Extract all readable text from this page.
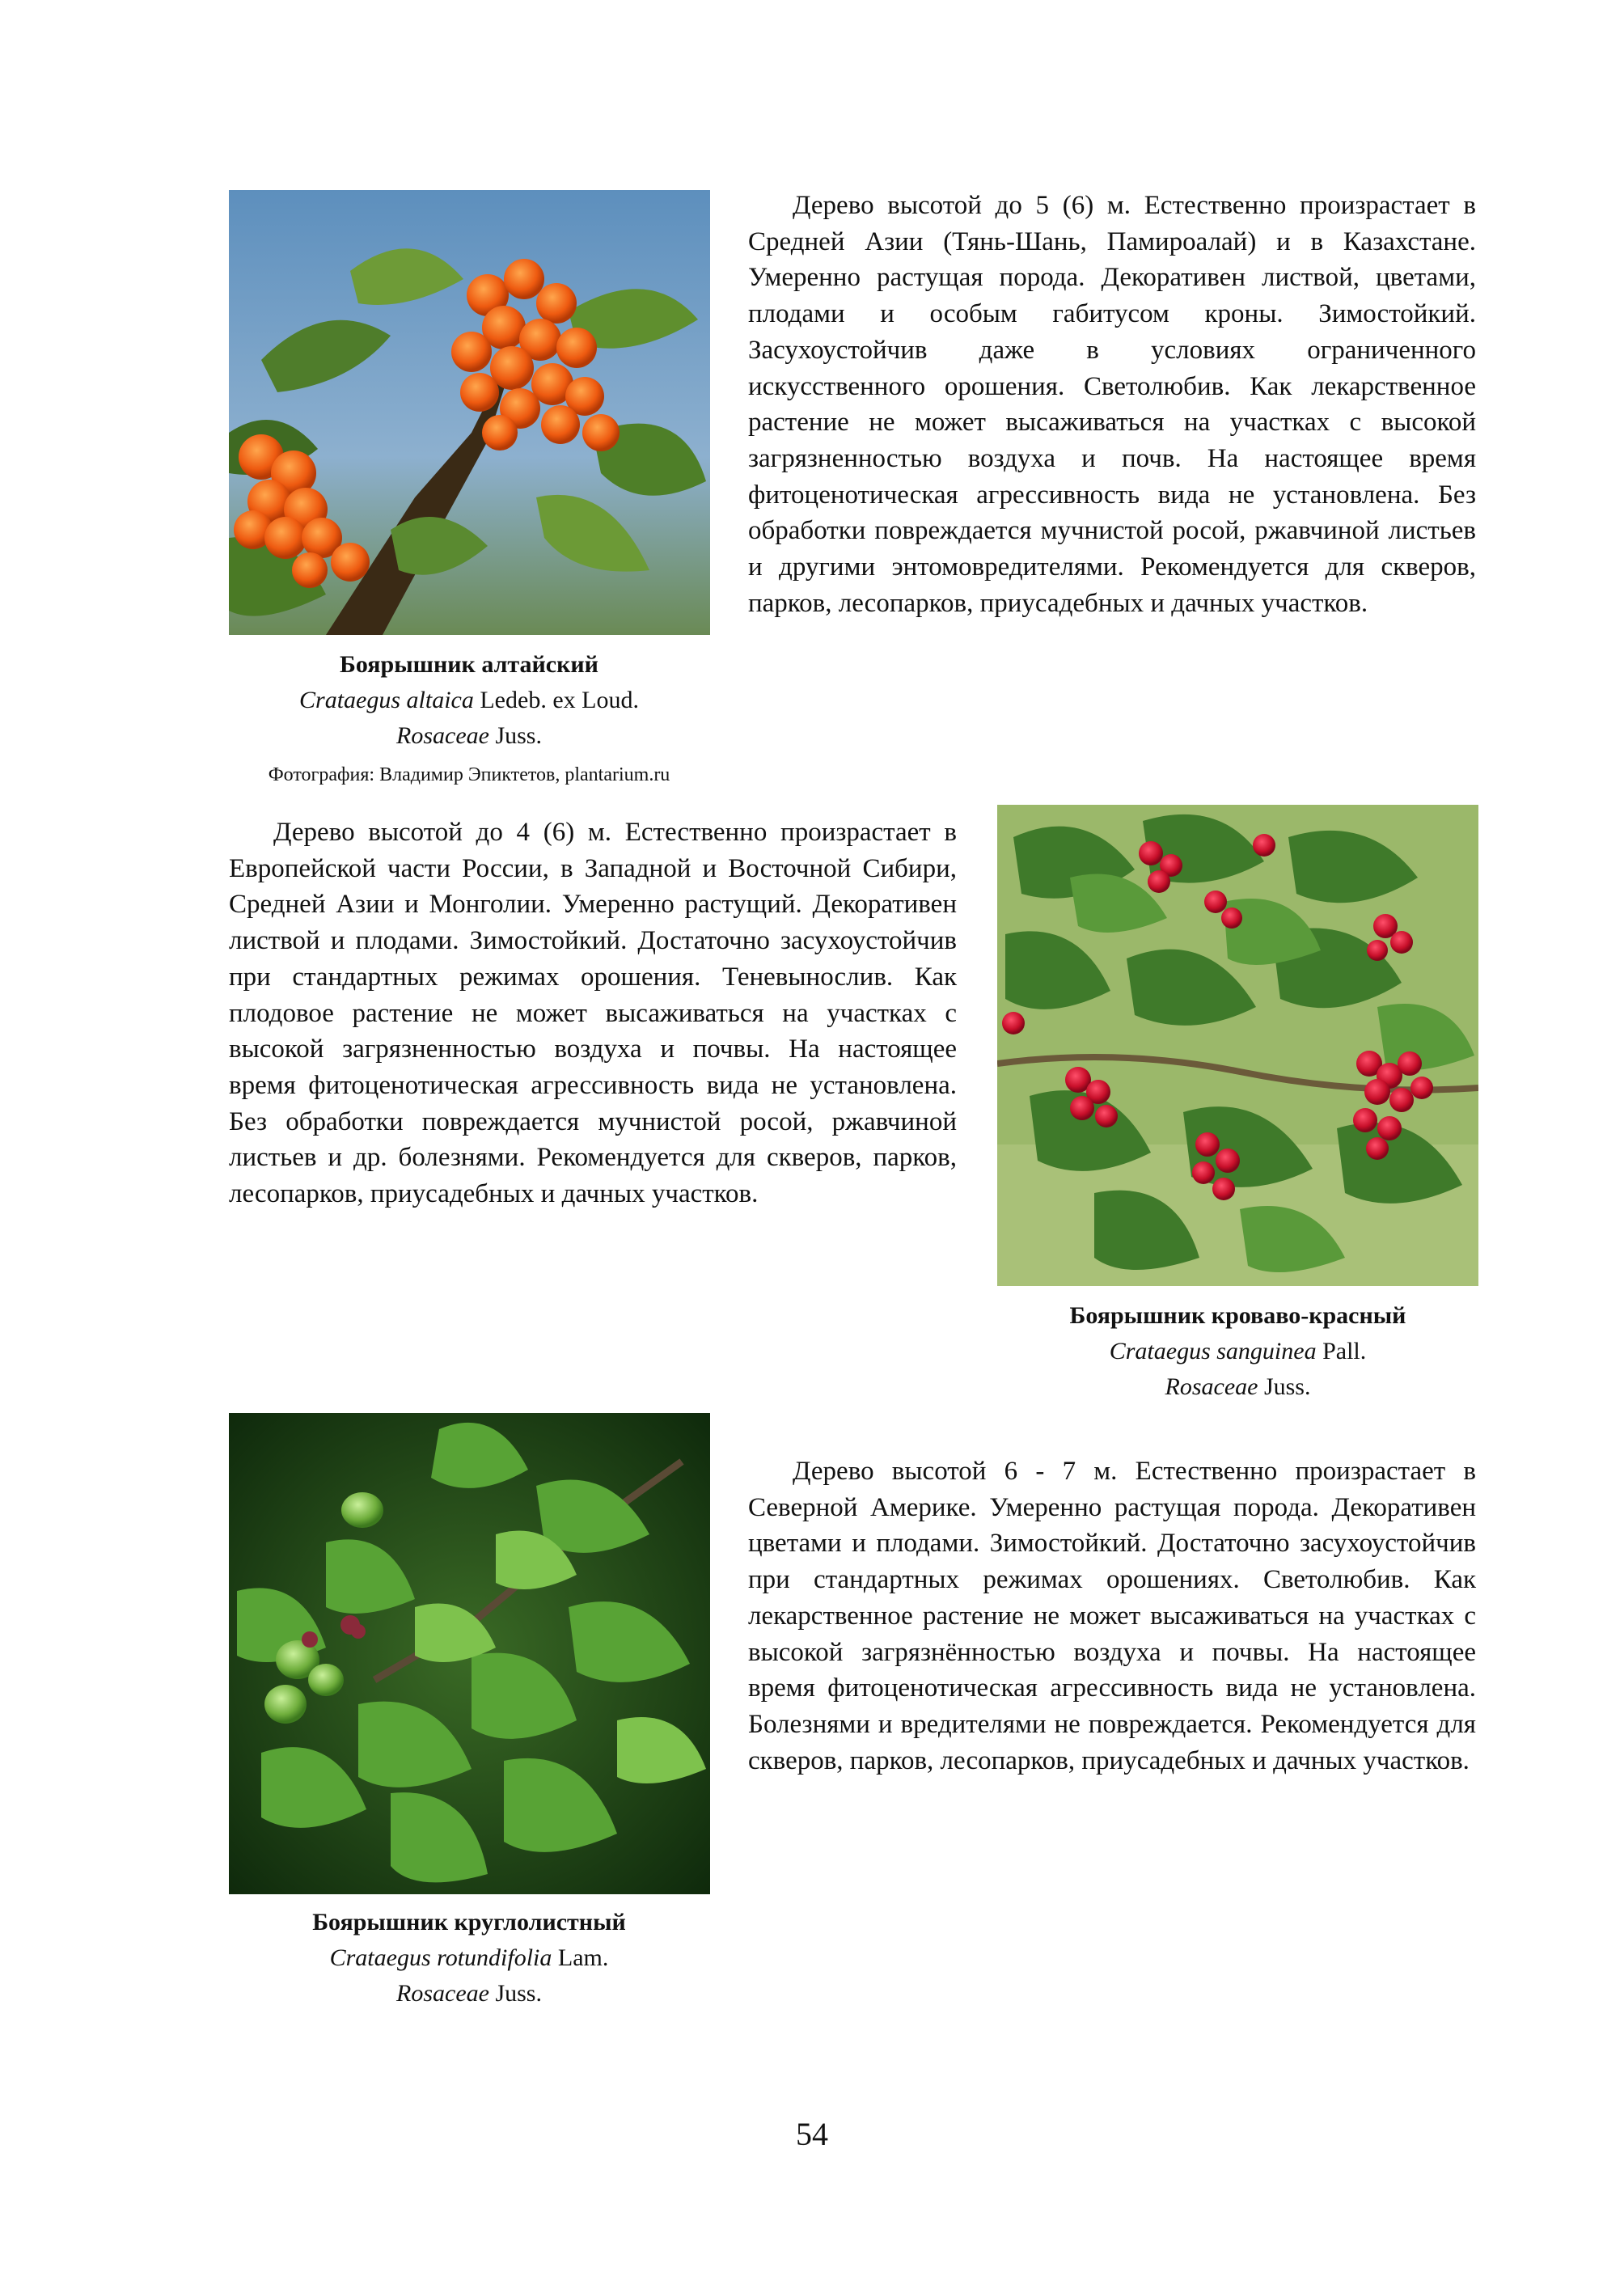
Боярышник алтайский
Crataegus altaica Ledeb. ex Loud.
Rosaceae Juss.
Фотография: Владимир Эпиктетов, plantarium.ru

Дерево высотой до 5 (6) м. Естественно произрастает в Средней Азии (Тянь-Шань, Памироалай) и в Казахстане. Умеренно растущая порода. Декоративен листвой, цветами, плодами и особым габитусом кроны. Зимостойкий. Засухоустойчив даже в условиях ограниченного искусственного орошения. Светолюбив. Как лекарственное растение не может высаживаться на участках с высокой загрязненностью воздуха и почв. На настоящее время фитоценотическая агрессивность вида не установлена. Без обработки повреждается мучнистой росой, ржавчиной листьев и другими энтомовредителями. Рекомендуется для скверов, парков, лесопарков, приусадебных и дачных участков.

Дерево высотой до 4 (6) м. Естественно произрастает в Европейской части России, в Западной и Восточной Сибири, Средней Азии и Монголии. Умеренно растущий. Декоративен листвой и плодами. Зимостойкий. Достаточно засухоустойчив при стандартных режимах орошения. Теневынослив. Как плодовое растение не может высаживаться на участках с высокой загрязненностью воздуха и почвы. На настоящее время фитоценотическая агрессивность вида не установлена. Без обработки повреждается мучнистой росой, ржавчиной листьев и др. болезнями. Рекомендуется для скверов, парков, лесопарков, приусадебных и дачных участков.

Боярышник кроваво-красный
Crataegus sanguinea Pall.
Rosaceae Juss.
Боярышник круглолистный
Crataegus rotundifolia Lam.
Rosaceae Juss.

Дерево высотой 6 - 7 м. Естественно произрастает в Северной Америке. Умеренно растущая порода. Декоративен цветами и плодами. Зимостойкий. Достаточно засухоустойчив при стандартных режимах орошениях. Светолюбив. Как лекарственное растение не может высаживаться на участках с высокой загрязнённостью воздуха и почвы. На настоящее время фитоценотическая агрессивность вида не установлена. Болезнями и вредителями не повреждается. Рекомендуется для скверов, парков, лесопарков, приусадебных и дачных участков.

54
